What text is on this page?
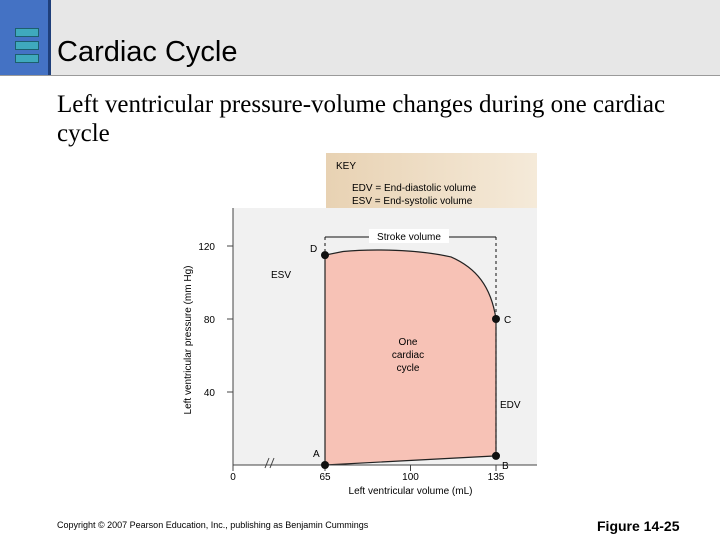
Cardiac Cycle
Left ventricular pressure-volume changes during one cardiac cycle
KEY
EDV = End-diastolic volume
ESV = End-systolic volume
40
80
120
0	65	100	135
Left ventricular volume (mL)
Left ventricular pressure (mm Hg)
A
B
C
D
ESV
EDV
One
cardiac
cycle
Stroke volume
Copyright © 2007 Pearson Education, Inc., publishing as Benjamin Cummings	Figure 14-25
